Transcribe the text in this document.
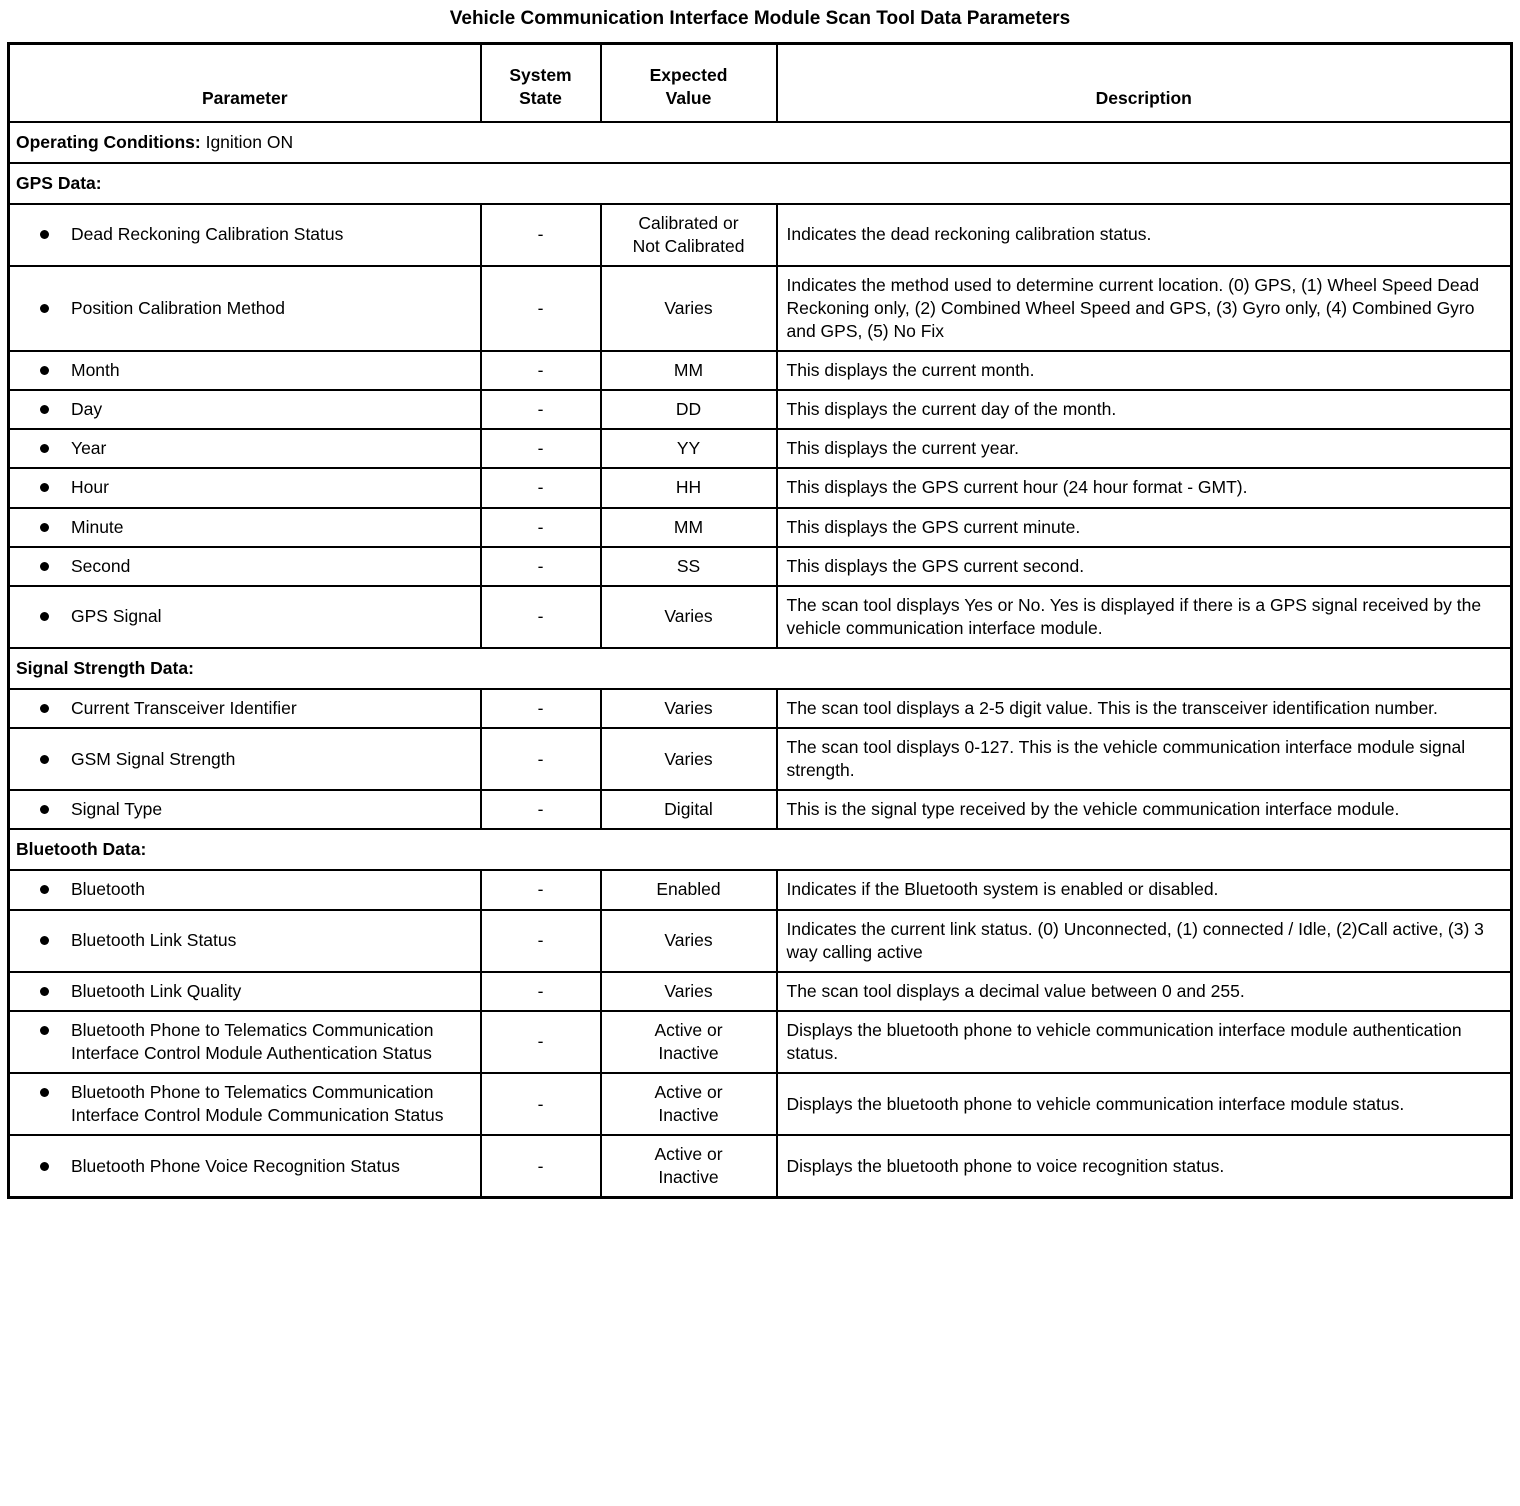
Vehicle Communication Interface Module Scan Tool Data Parameters
Parameter	System State	Expected Value	Description
Operating Conditions: Ignition ON			
GPS Data:			

Dead Reckoning Calibration Status	-	Calibrated or Not Calibrated	Indicates the dead reckoning calibration status.

Position Calibration Method	-	Varies	Indicates the method used to determine current location. (0) GPS, (1) Wheel Speed Dead Reckoning only, (2) Combined Wheel Speed and GPS, (3) Gyro only, (4) Combined Gyro and GPS, (5) No Fix

Month	-	MM	This displays the current month.

Day	-	DD	This displays the current day of the month.

Year	-	YY	This displays the current year.

Hour	-	HH	This displays the GPS current hour (24 hour format - GMT).

Minute	-	MM	This displays the GPS current minute.

Second	-	SS	This displays the GPS current second.

GPS Signal	-	Varies	The scan tool displays Yes or No. Yes is displayed if there is a GPS signal received by the vehicle communication interface module.
Signal Strength Data:			

Current Transceiver Identifier	-	Varies	The scan tool displays a 2-5 digit value. This is the transceiver identification number.

GSM Signal Strength	-	Varies	The scan tool displays 0-127. This is the vehicle communication interface module signal strength.

Signal Type	-	Digital	This is the signal type received by the vehicle communication interface module.
Bluetooth Data:			

Bluetooth	-	Enabled	Indicates if the Bluetooth system is enabled or disabled.

Bluetooth Link Status	-	Varies	Indicates the current link status. (0) Unconnected, (1) connected / Idle, (2)Call active, (3) 3 way calling active

Bluetooth Link Quality	-	Varies	The scan tool displays a decimal value between 0 and 255.

Bluetooth Phone to Telematics Communication Interface Control Module Authentication Status	-	Active or Inactive	Displays the bluetooth phone to vehicle communication interface module authentication status.

Bluetooth Phone to Telematics Communication Interface Control Module Communication Status	-	Active or Inactive	Displays the bluetooth phone to vehicle communication interface module status.

Bluetooth Phone Voice Recognition Status	-	Active or Inactive	Displays the bluetooth phone to voice recognition status.
